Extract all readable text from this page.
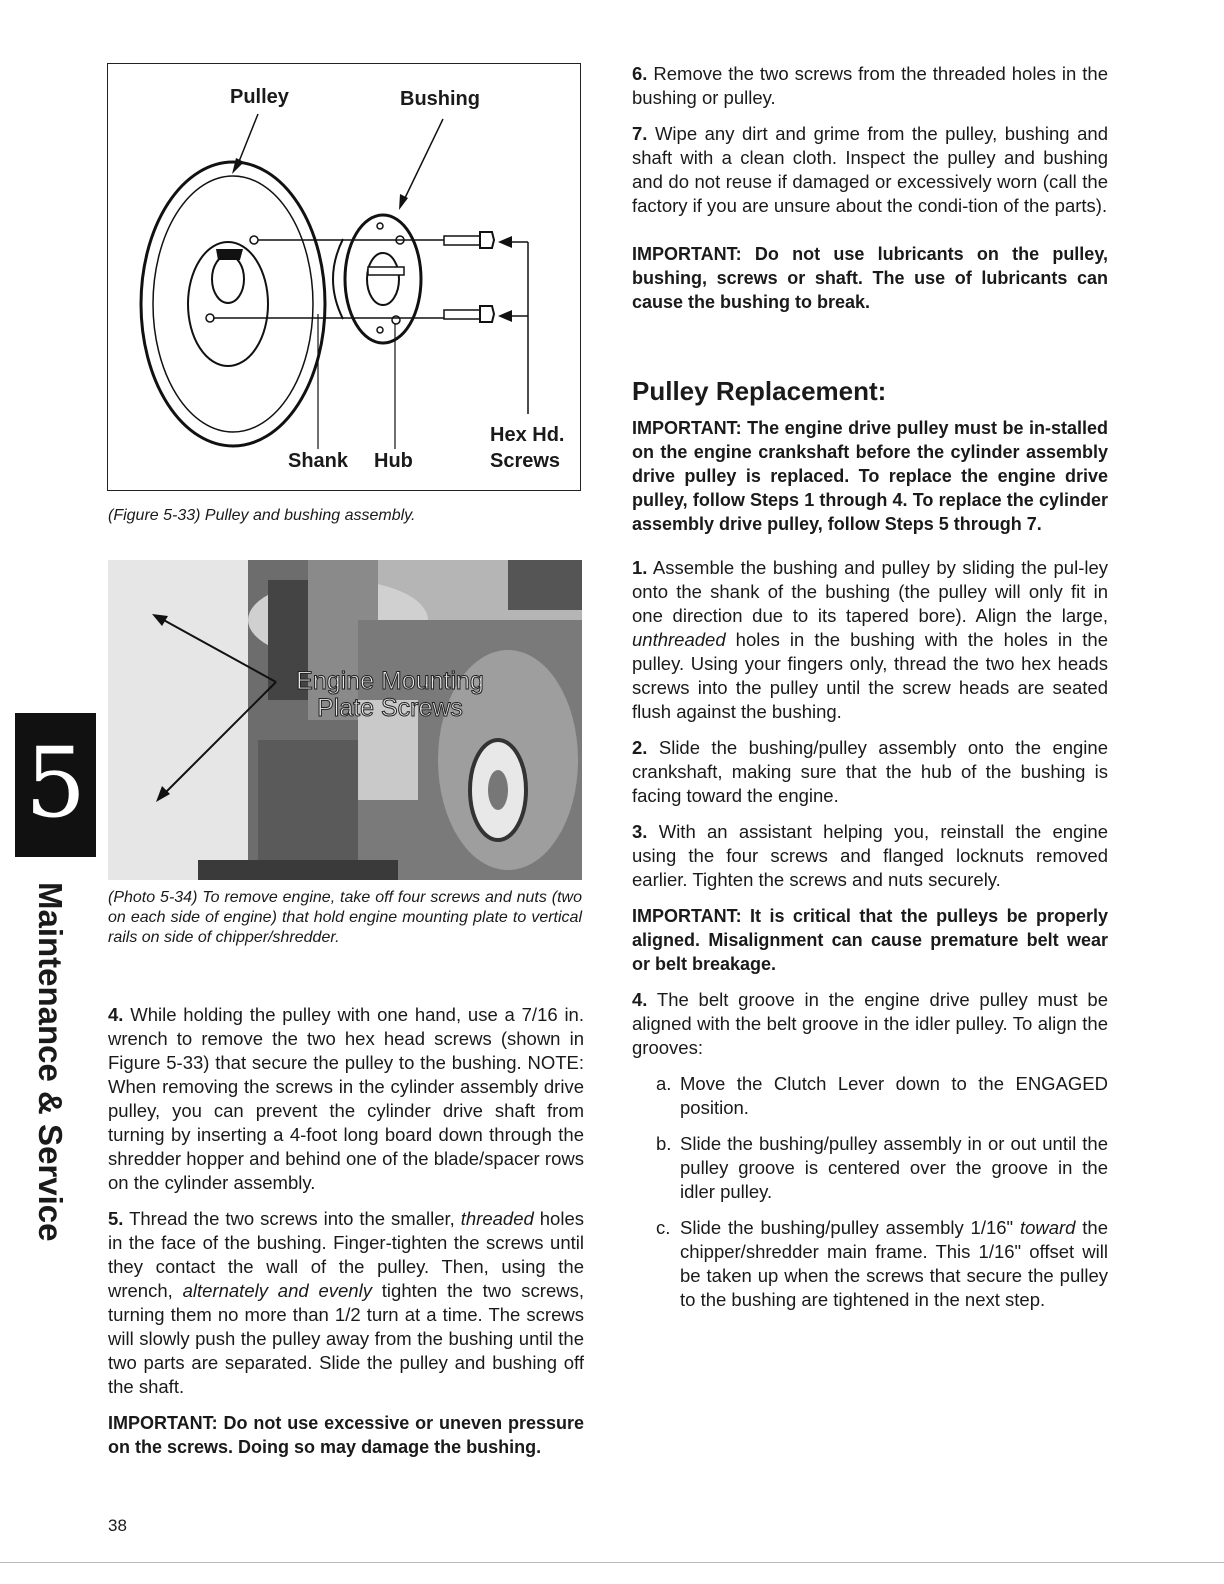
Pulley	Bushing
Hex Hd.
Screws
Shank Hub
(Figure 5-33) Pulley and bushing assembly.
Engine Mounting
Plate Screws
(Photo 5-34) To remove engine, take off four screws and nuts (two on each side of engine) that hold engine mounting plate to vertical rails on side of chipper/shredder.
5
Maintenance & Service 4. While holding the pulley with one hand, use a 7/16 in. wrench to remove the two hex head screws (shown in Figure 5-33) that secure the pulley to the bushing. NOTE: When removing the screws in the cylinder assembly drive pulley, you can prevent the cylinder drive shaft from turning by inserting a 4-foot long board down through the shredder hopper and behind one of the blade/spacer rows on the cylinder assembly.

5. Thread the two screws into the smaller, threaded holes in the face of the bushing. Finger-tighten the screws until they contact the wall of the pulley. Then, using the wrench, alternately and evenly tighten the two screws, turning them no more than 1/2 turn at a time. The screws will slowly push the pulley away from the bushing until the two parts are separated. Slide the pulley and bushing off the shaft.

IMPORTANT: Do not use excessive or uneven pressure on the screws. Doing so may damage the bushing.

6. Remove the two screws from the threaded holes in the bushing or pulley.

7. Wipe any dirt and grime from the pulley, bushing and shaft with a clean cloth. Inspect the pulley and bushing and do not reuse if damaged or excessively worn (call the factory if you are unsure about the condi-tion of the parts).

IMPORTANT: Do not use lubricants on the pulley, bushing, screws or shaft. The use of lubricants can cause the bushing to break.

Pulley Replacement:

IMPORTANT: The engine drive pulley must be in-stalled on the engine crankshaft before the cylinder assembly drive pulley is replaced. To replace the engine drive pulley, follow Steps 1 through 4. To replace the cylinder assembly drive pulley, follow Steps 5 through 7.

1. Assemble the bushing and pulley by sliding the pul-ley onto the shank of the bushing (the pulley will only fit in one direction due to its tapered bore). Align the large, unthreaded holes in the bushing with the holes in the pulley. Using your fingers only, thread the two hex heads screws into the pulley until the screw heads are seated flush against the bushing.

2. Slide the bushing/pulley assembly onto the engine crankshaft, making sure that the hub of the bushing is facing toward the engine.

3. With an assistant helping you, reinstall the engine using the four screws and flanged locknuts removed earlier. Tighten the screws and nuts securely.

IMPORTANT: It is critical that the pulleys be properly aligned. Misalignment can cause premature belt wear or belt breakage.

4. The belt groove in the engine drive pulley must be aligned with the belt groove in the idler pulley. To align the grooves:

a. Move the Clutch Lever down to the ENGAGED position.
b. Slide the bushing/pulley assembly in or out until the pulley groove is centered over the groove in the idler pulley.
c. Slide the bushing/pulley assembly 1/16" toward the chipper/shredder main frame. This 1/16" offset will be taken up when the screws that secure the pulley to the bushing are tightened in the next step.
38
